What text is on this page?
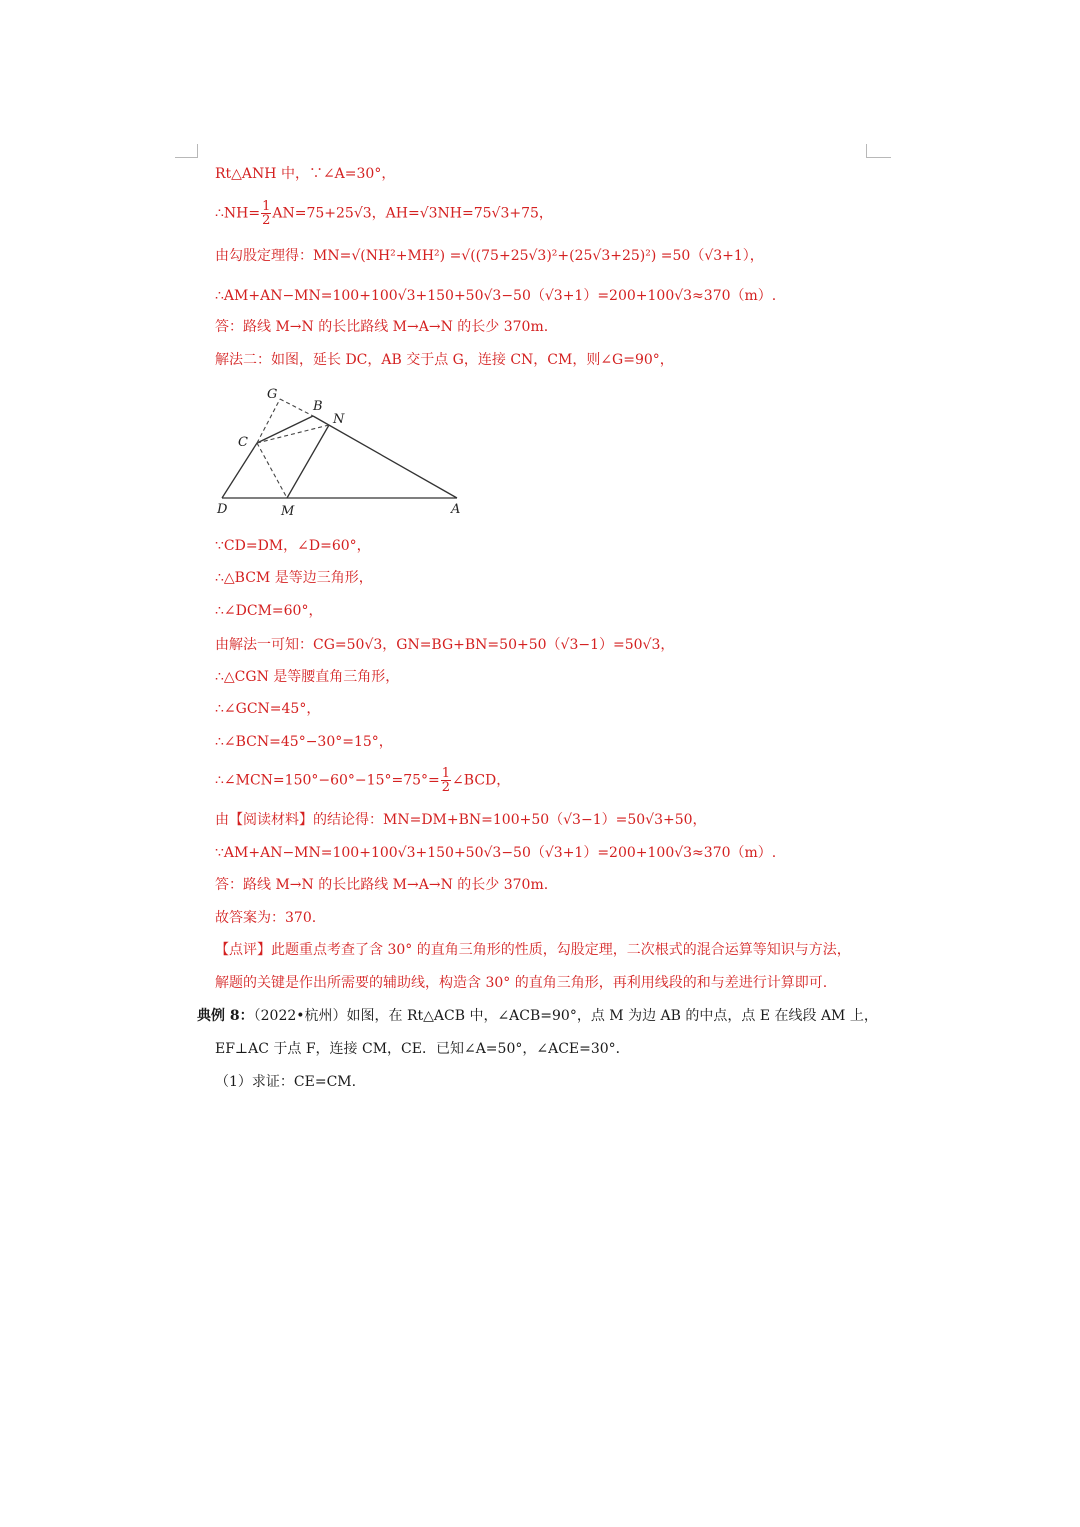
Rt△ANH 中，∵∠A=30°，
∴NH= $\frac{1}{2} AN=75+25√3$，AH=√3NH=75√3+75，
由勾股定理得：MN=√(NH²+MH²) =√((75+25√3)²+(25√3+25)²) =50（√3+1），
∴AM+AN−MN=100+100√3+150+50√3−50（√3+1）=200+100√3≈370（m）.
答：路线 M→N 的长比路线 M→A→N 的长少 370m.
解法二：如图，延长 DC，AB 交于点 G，连接 CN，CM，则∠G=90°，
G
B
N
C
D	M	A
∵CD=DM，∠D=60°，
∴△BCM 是等边三角形，
∴∠DCM=60°，
由解法一可知：CG=50√3，GN=BG+BN=50+50（√3−1）=50√3，
∴△CGN 是等腰直角三角形，
∴∠GCN=45°，
∴∠BCN=45°−30°=15°，
∴∠MCN=150°−60°−15°=75°= $\frac{1}{2}$ ∠BCD，
由【阅读材料】的结论得：MN=DM+BN=100+50（√3−1）=50√3+50，
∵AM+AN−MN=100+100√3+150+50√3−50（√3+1）=200+100√3≈370（m）.
答：路线 M→N 的长比路线 M→A→N 的长少 370m.
故答案为：370.
【点评】此题重点考查了含 30° 的直角三角形的性质，勾股定理，二次根式的混合运算等知识与方法，
解题的关键是作出所需要的辅助线，构造含 30° 的直角三角形，再利用线段的和与差进行计算即可.
典例 8：（2022•杭州）如图，在 Rt△ACB 中，∠ACB=90°，点 M 为边 AB 的中点，点 E 在线段 AM 上，
EF⊥AC 于点 F，连接 CM，CE．已知∠A=50°，∠ACE=30°．
（1）求证：CE=CM.
